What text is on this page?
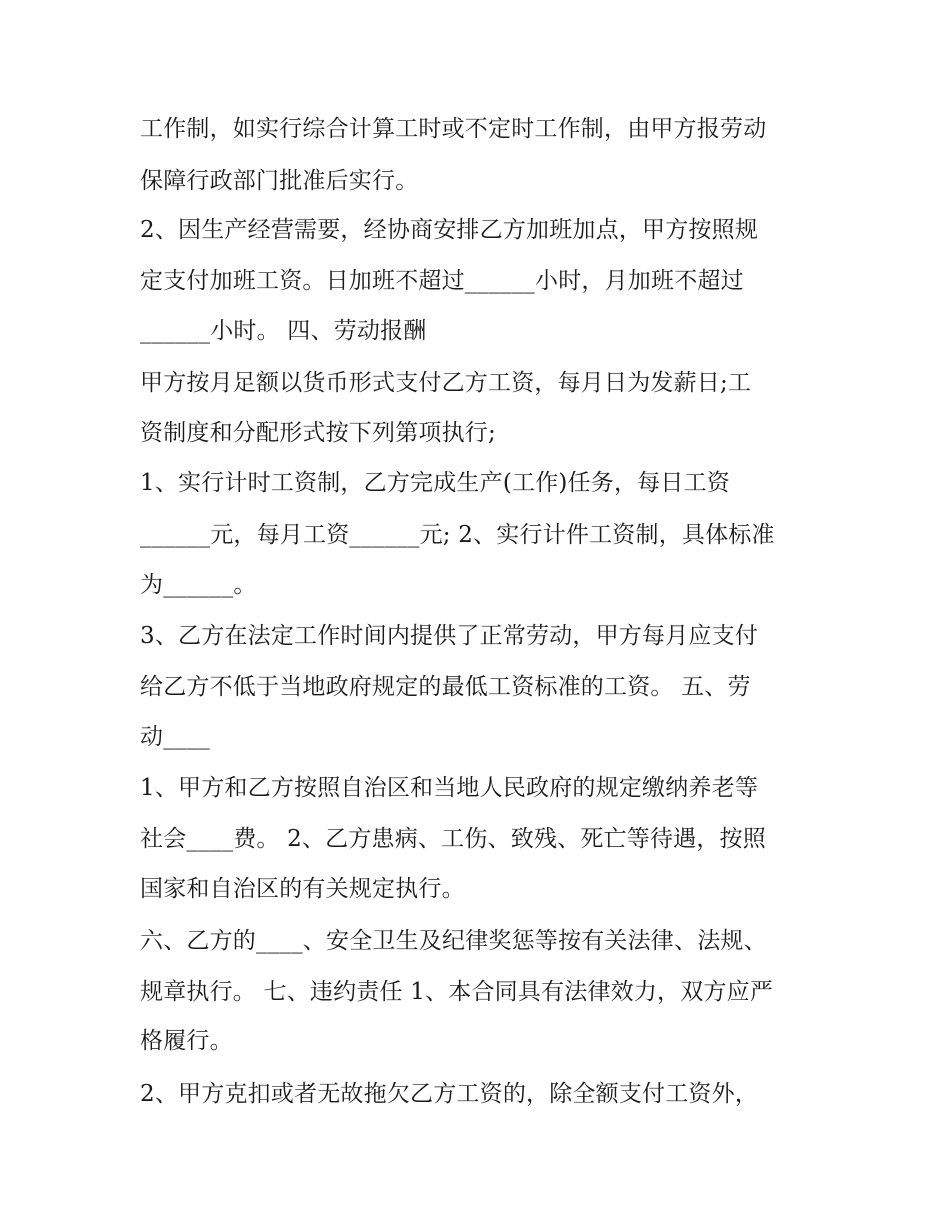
工作制，如实行综合计算工时或不定时工作制，由甲方报劳动
保障行政部门批准后实行。
2、因生产经营需要，经协商安排乙方加班加点，甲方按照规
定支付加班工资。日加班不超过______小时，月加班不超过
______小时。 四、劳动报酬
甲方按月足额以货币形式支付乙方工资，每月日为发薪日;工
资制度和分配形式按下列第项执行;
1、实行计时工资制，乙方完成生产(工作)任务，每日工资
______元，每月工资______元; 2、实行计件工资制，具体标准
为______。
3、乙方在法定工作时间内提供了正常劳动，甲方每月应支付
给乙方不低于当地政府规定的最低工资标准的工资。 五、劳
动____
1、甲方和乙方按照自治区和当地人民政府的规定缴纳养老等
社会____费。 2、乙方患病、工伤、致残、死亡等待遇，按照
国家和自治区的有关规定执行。
六、乙方的____、安全卫生及纪律奖惩等按有关法律、法规、
规章执行。 七、违约责任 1、本合同具有法律效力，双方应严
格履行。
2、甲方克扣或者无故拖欠乙方工资的，除全额支付工资外，
